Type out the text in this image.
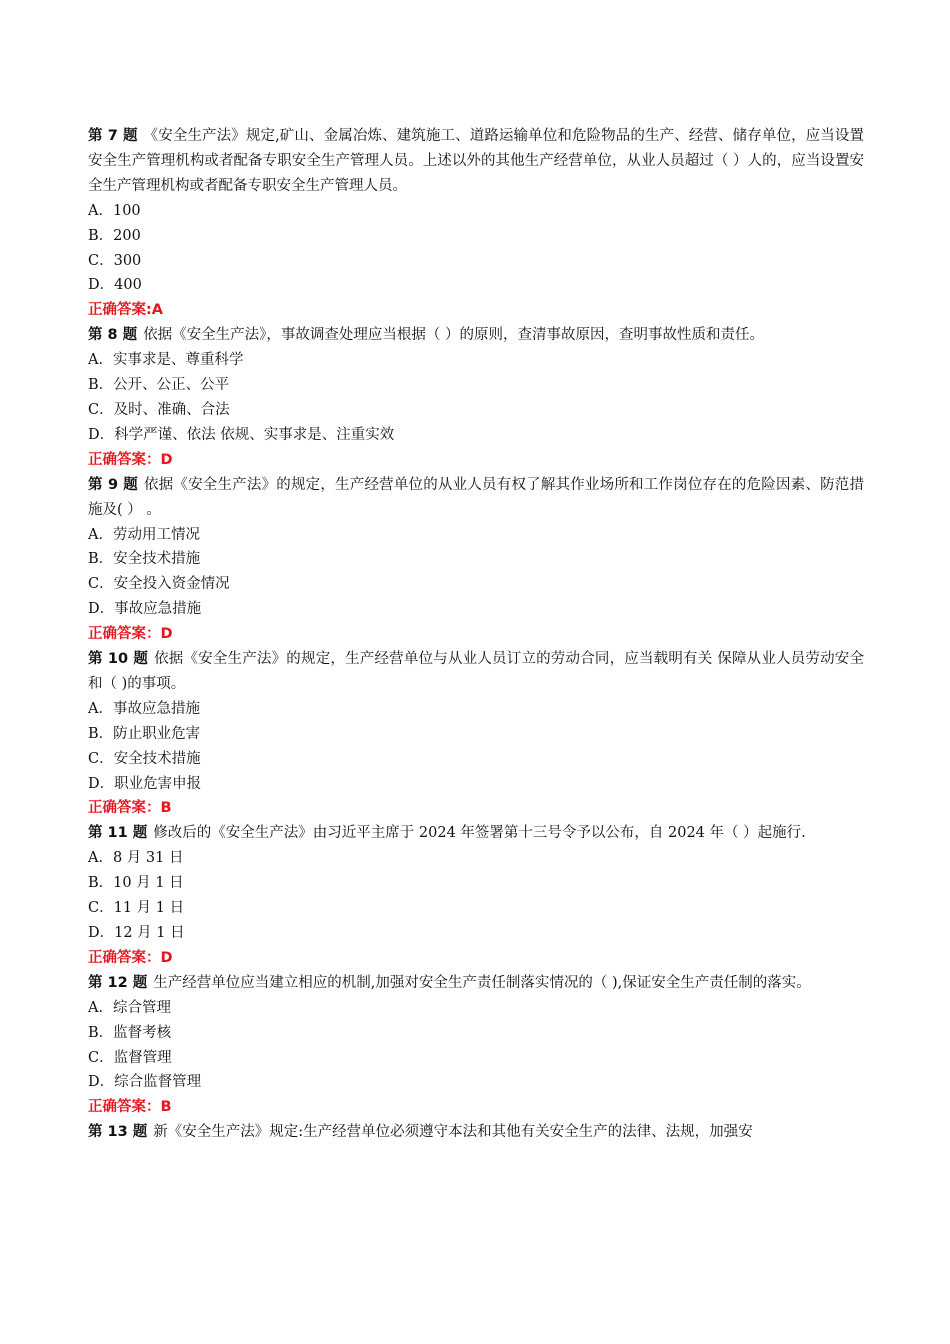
第 7 题 《安全生产法》规定,矿山、金属冶炼、建筑施工、道路运输单位和危险物品的生产、经营、储存单位，应当设置安全生产管理机构或者配备专职安全生产管理人员。上述以外的其他生产经营单位，从业人员超过（ ）人的，应当设置安全生产管理机构或者配备专职安全生产管理人员。
A．100
B．200
C．300
D．400
正确答案:A
第 8 题 依据《安全生产法》，事故调查处理应当根据（ ）的原则，查清事故原因，查明事故性质和责任。
A．实事求是、尊重科学
B．公开、公正、公平
C．及时、准确、合法
D．科学严谨、依法 依规、实事求是、注重实效
正确答案：D
第 9 题 依据《安全生产法》的规定，生产经营单位的从业人员有权了解其作业场所和工作岗位存在的危险因素、防范措施及( ） 。
A．劳动用工情况
B．安全技术措施
C．安全投入资金情况
D．事故应急措施
正确答案：D
第 10 题 依据《安全生产法》的规定，生产经营单位与从业人员订立的劳动合同，应当载明有关 保障从业人员劳动安全和（ )的事项。
A．事故应急措施
B．防止职业危害
C．安全技术措施
D．职业危害申报
正确答案：B
第 11 题 修改后的《安全生产法》由习近平主席于 2024 年签署第十三号令予以公布，自 2024 年（ ）起施行.
A．8 月 31 日
B．10 月 1 日
C．11 月 1 日
D．12 月 1 日
正确答案：D
第 12 题 生产经营单位应当建立相应的机制,加强对安全生产责任制落实情况的（ ),保证安全生产责任制的落实。
A．综合管理
B．监督考核
C．监督管理
D．综合监督管理
正确答案：B
第 13 题 新《安全生产法》规定:生产经营单位必须遵守本法和其他有关安全生产的法律、法规，加强安
